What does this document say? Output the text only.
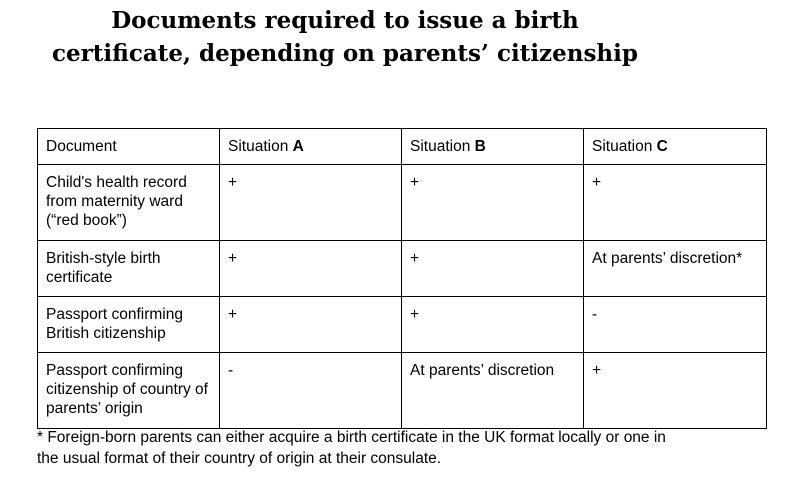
Documents required to issue a birth
certificate, depending on parents’ citizenship
Document	Situation A	Situation B	Situation C
Child's health record from maternity ward (“red book”)	+	+	+
British-style birth certificate	+	+	At parents’ discretion*
Passport confirming British citizenship	+	+	-
Passport confirming citizenship of country of parents’ origin	-	At parents’ discretion	+

* Foreign-born parents can either acquire a birth certificate in the UK format locally or one in the usual format of their country of origin at their consulate.
